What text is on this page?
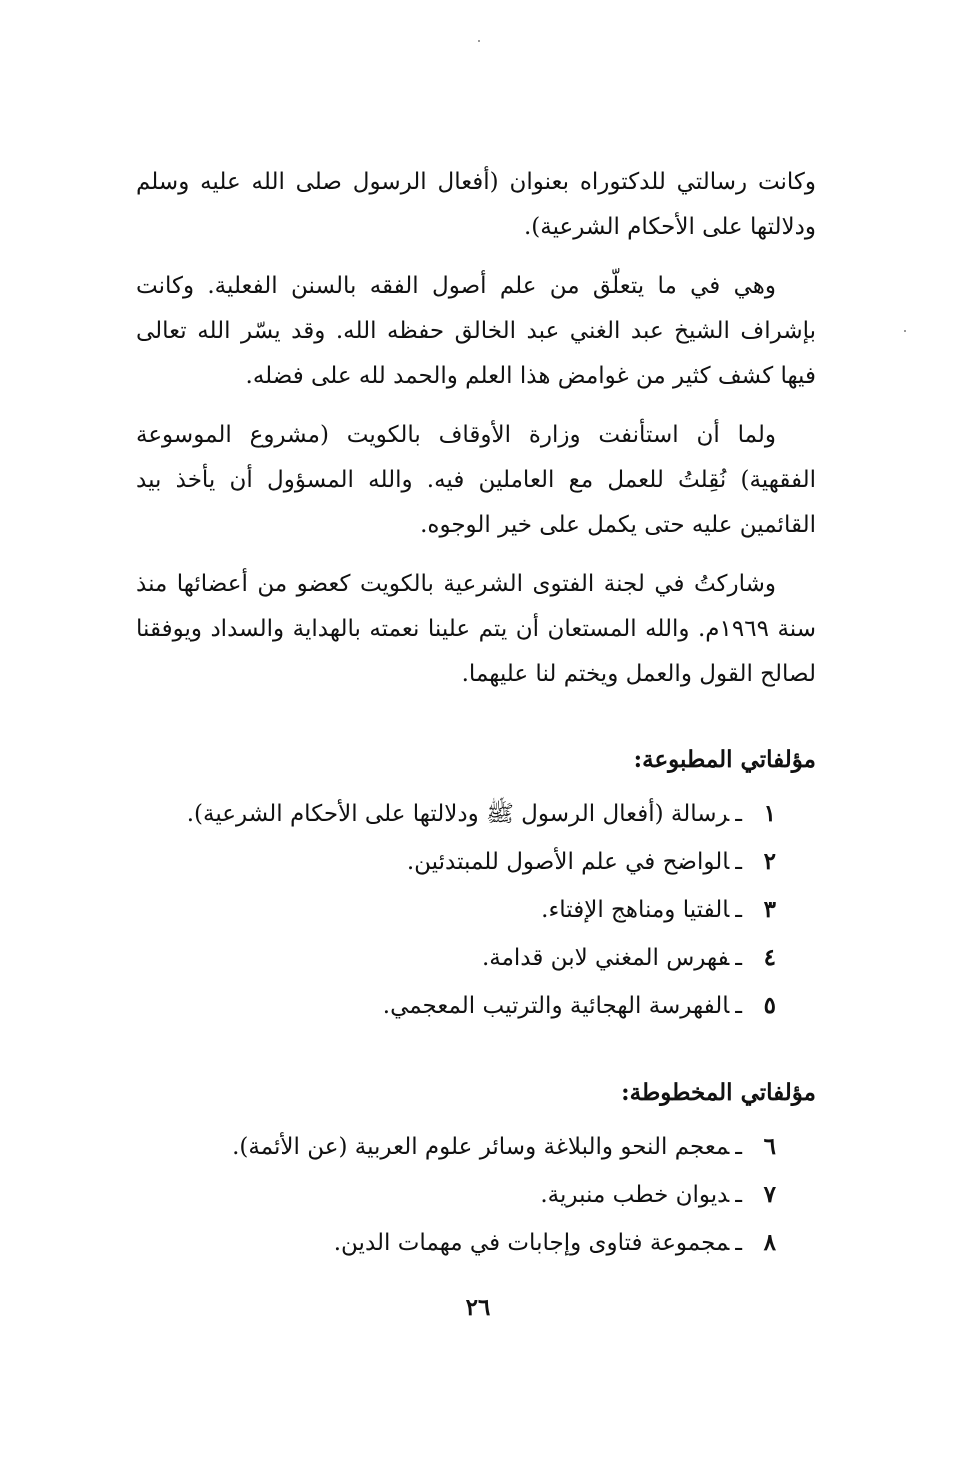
وكانت رسالتي للدكتوراه بعنوان (أفعال الرسول صلى الله عليه وسلم ودلالتها على الأحكام الشرعية).

وهي في ما يتعلّق من علم أصول الفقه بالسنن الفعلية. وكانت بإشراف الشيخ عبد الغني عبد الخالق حفظه الله. وقد يسّر الله تعالى فيها كشف كثير من غوامض هذا العلم والحمد لله على فضله.

ولما أن استأنفت وزارة الأوقاف بالكويت (مشروع الموسوعة الفقهية) نُقِلتُ للعمل مع العاملين فيه. والله المسؤول أن يأخذ بيد القائمين عليه حتى يكمل على خير الوجوه.

وشاركتُ في لجنة الفتوى الشرعية بالكويت كعضو من أعضائها منذ سنة ١٩٦٩م. والله المستعان أن يتم علينا نعمته بالهداية والسداد ويوفقنا لصالح القول والعمل ويختم لنا عليهما.

مؤلفاتي المطبوعة:
١ـرسالة (أفعال الرسول ﷺ ودلالتها على الأحكام الشرعية).
٢ـالواضح في علم الأصول للمبتدئين.
٣ـالفتيا ومناهج الإفتاء.
٤ـفهرس المغني لابن قدامة.
٥ـالفهرسة الهجائية والترتيب المعجمي.
مؤلفاتي المخطوطة:
٦ـمعجم النحو والبلاغة وسائر علوم العربية (عن الأئمة).
٧ـديوان خطب منبرية.
٨ـمجموعة فتاوى وإجابات في مهمات الدين.
٢٦
